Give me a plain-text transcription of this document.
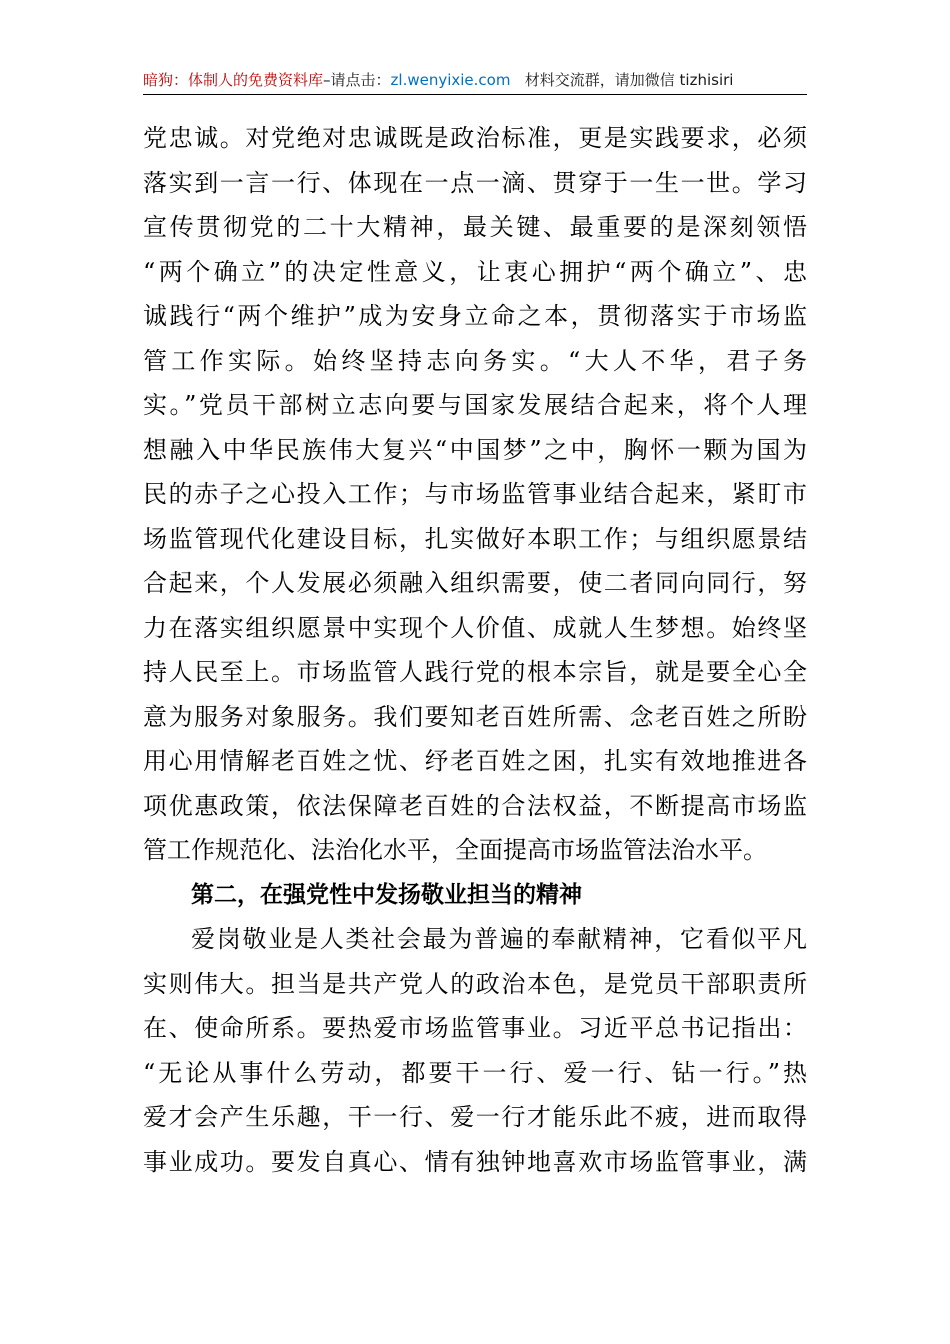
暗狗：体制人的免费资料库–请点击：zl.wenyixie.com 材料交流群，请加微信 tizhisiri
党忠诚。对党绝对忠诚既是政治标准，更是实践要求，必须
落实到一言一行、体现在一点一滴、贯穿于一生一世。学习
宣传贯彻党的二十大精神，最关键、最重要的是深刻领悟
“两个确立”的决定性意义，让衷心拥护“两个确立”、忠
诚践行“两个维护”成为安身立命之本，贯彻落实于市场监
管工作实际。始终坚持志向务实。“大人不华，君子务
实。”党员干部树立志向要与国家发展结合起来，将个人理
想融入中华民族伟大复兴“中国梦”之中，胸怀一颗为国为
民的赤子之心投入工作；与市场监管事业结合起来，紧盯市
场监管现代化建设目标，扎实做好本职工作；与组织愿景结
合起来，个人发展必须融入组织需要，使二者同向同行，努
力在落实组织愿景中实现个人价值、成就人生梦想。始终坚
持人民至上。市场监管人践行党的根本宗旨，就是要全心全
意为服务对象服务。我们要知老百姓所需、念老百姓之所盼
用心用情解老百姓之忧、纾老百姓之困，扎实有效地推进各
项优惠政策，依法保障老百姓的合法权益，不断提高市场监
管工作规范化、法治化水平，全面提高市场监管法治水平。
第二，在强党性中发扬敬业担当的精神
爱岗敬业是人类社会最为普遍的奉献精神，它看似平凡
实则伟大。担当是共产党人的政治本色，是党员干部职责所
在、使命所系。要热爱市场监管事业。习近平总书记指出：
“无论从事什么劳动，都要干一行、爱一行、钻一行。”热
爱才会产生乐趣，干一行、爱一行才能乐此不疲，进而取得
事业成功。要发自真心、情有独钟地喜欢市场监管事业，满
